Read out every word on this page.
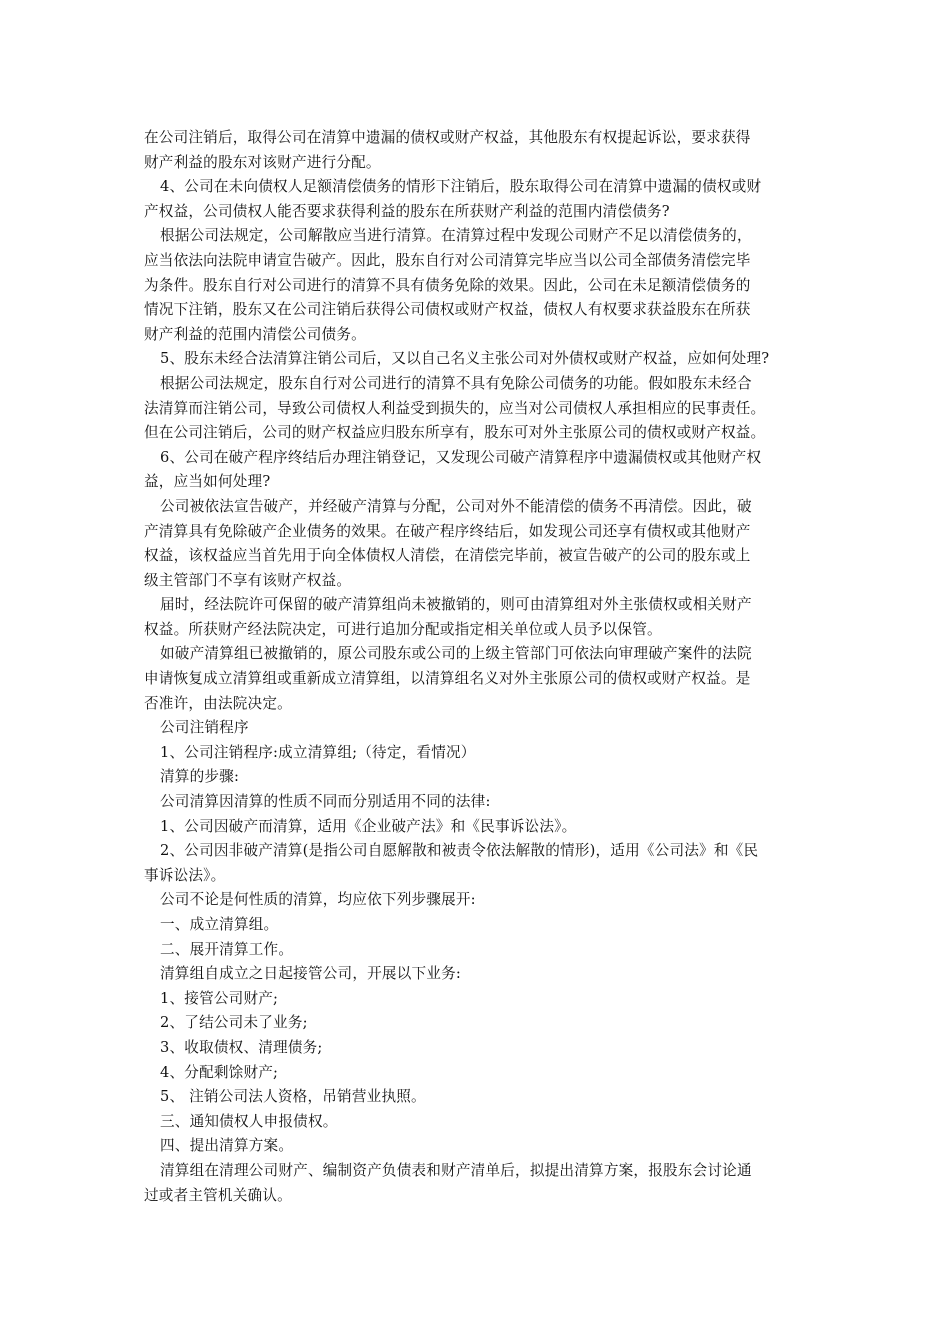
在公司注销后，取得公司在清算中遗漏的债权或财产权益，其他股东有权提起诉讼，要求获得

财产利益的股东对该财产进行分配。

4、公司在未向债权人足额清偿债务的情形下注销后，股东取得公司在清算中遗漏的债权或财

产权益，公司债权人能否要求获得利益的股东在所获财产利益的范围内清偿债务?

根据公司法规定，公司解散应当进行清算。在清算过程中发现公司财产不足以清偿债务的，

应当依法向法院申请宣告破产。因此，股东自行对公司清算完毕应当以公司全部债务清偿完毕

为条件。股东自行对公司进行的清算不具有债务免除的效果。因此，公司在未足额清偿债务的

情况下注销，股东又在公司注销后获得公司债权或财产权益，债权人有权要求获益股东在所获

财产利益的范围内清偿公司债务。

5、股东未经合法清算注销公司后，又以自己名义主张公司对外债权或财产权益，应如何处理?

根据公司法规定，股东自行对公司进行的清算不具有免除公司债务的功能。假如股东未经合

法清算而注销公司，导致公司债权人利益受到损失的，应当对公司债权人承担相应的民事责任。

但在公司注销后，公司的财产权益应归股东所享有，股东可对外主张原公司的债权或财产权益。

6、公司在破产程序终结后办理注销登记，又发现公司破产清算程序中遗漏债权或其他财产权

益，应当如何处理?

公司被依法宣告破产，并经破产清算与分配，公司对外不能清偿的债务不再清偿。因此，破

产清算具有免除破产企业债务的效果。在破产程序终结后，如发现公司还享有债权或其他财产

权益，该权益应当首先用于向全体债权人清偿，在清偿完毕前，被宣告破产的公司的股东或上

级主管部门不享有该财产权益。

届时，经法院许可保留的破产清算组尚未被撤销的，则可由清算组对外主张债权或相关财产

权益。所获财产经法院决定，可进行追加分配或指定相关单位或人员予以保管。

如破产清算组已被撤销的，原公司股东或公司的上级主管部门可依法向审理破产案件的法院

申请恢复成立清算组或重新成立清算组，以清算组名义对外主张原公司的债权或财产权益。是

否准许，由法院决定。

公司注销程序

1、公司注销程序:成立清算组;（待定，看情况）

清算的步骤:

公司清算因清算的性质不同而分别适用不同的法律:

1、公司因破产而清算，适用《企业破产法》和《民事诉讼法》。

2、公司因非破产清算(是指公司自愿解散和被责令依法解散的情形)，适用《公司法》和《民

事诉讼法》。

公司不论是何性质的清算，均应依下列步骤展开:

一、成立清算组。

二、展开清算工作。

清算组自成立之日起接管公司，开展以下业务:

1、接管公司财产;

2、了结公司未了业务;

3、收取债权、清理债务;

4、分配剩馀财产;

5、 注销公司法人资格，吊销营业执照。

三、通知债权人申报债权。

四、提出清算方案。

清算组在清理公司财产、编制资产负债表和财产清单后，拟提出清算方案，报股东会讨论通

过或者主管机关确认。
